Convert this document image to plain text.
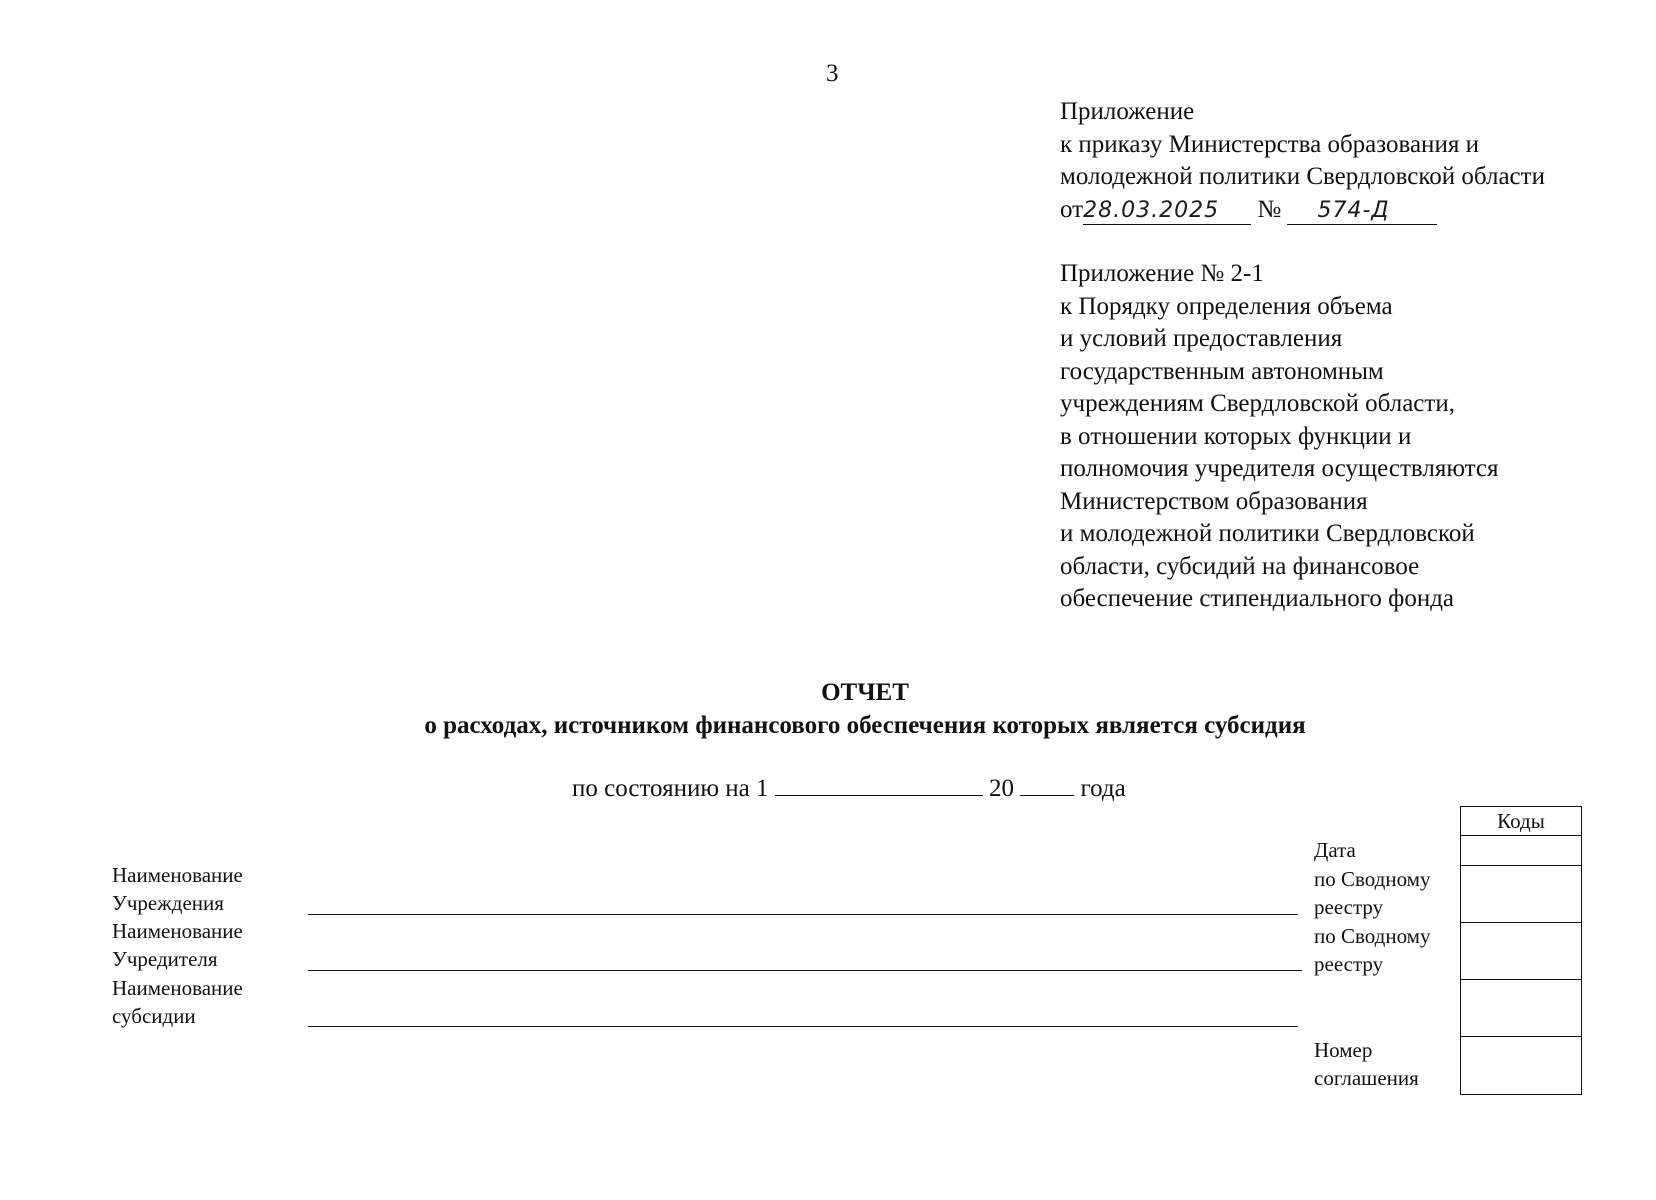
3
Приложение
к приказу Министерства образования и
молодежной политики Свердловской области
от28.03.2025 № 574-Д
Приложение № 2-1
к Порядку определения объема
и условий предоставления
государственным автономным
учреждениям Свердловской области,
в отношении которых функции и
полномочия учредителя осуществляются
Министерством образования
и молодежной политики Свердловской
области, субсидий на финансовое
обеспечение стипендиального фонда
ОТЧЕТ
о расходах, источником финансового обеспечения которых является субсидия
по состоянию на 1	20	года
Наименование
Учреждения
Наименование
Учредителя
Наименование
субсидии
Дата
по Сводному
реестру
по Сводному
реестру
Номер
соглашения
Коды
